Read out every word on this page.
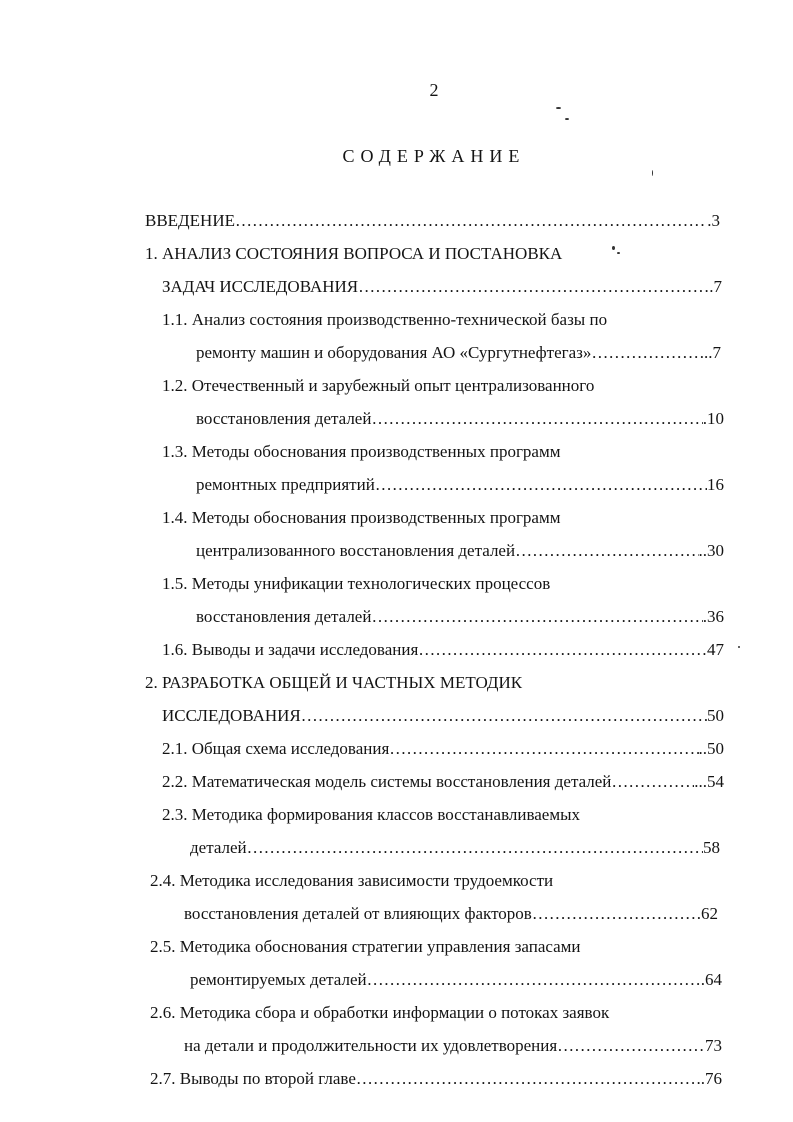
2
СОДЕРЖАНИЕ
ВВЕДЕНИЕ ……………………………………………………………………………………………………………………………………………………………………	.3
1. АНАЛИЗ СОСТОЯНИЯ ВОПРОСА И ПОСТАНОВКА
ЗАДАЧ ИССЛЕДОВАНИЯ ……………………………………………………………………………………………………………………………………………………………………	.7
1.1. Анализ состояния производственно-технической базы по
ремонту машин и оборудования АО «Сургутнефтегаз» ……………………………………………………………………………………………………………………………………………………………………	..7
1.2. Отечественный и зарубежный опыт централизованного
восстановления деталей ……………………………………………………………………………………………………………………………………………………………………	.10
1.3. Методы обоснования производственных программ
ремонтных предприятий ……………………………………………………………………………………………………………………………………………………………………	16
1.4. Методы обоснования производственных программ
централизованного восстановления деталей ……………………………………………………………………………………………………………………………………………………………………	..30
1.5. Методы унификации технологических процессов
восстановления деталей ……………………………………………………………………………………………………………………………………………………………………	.36
1.6. Выводы и задачи исследования ……………………………………………………………………………………………………………………………………………………………………	47
2. РАЗРАБОТКА ОБЩЕЙ И ЧАСТНЫХ МЕТОДИК
ИССЛЕДОВАНИЯ ……………………………………………………………………………………………………………………………………………………………………	50
2.1. Общая схема исследования ……………………………………………………………………………………………………………………………………………………………………	..50
2.2. Математическая модель системы восстановления деталей ……………………………………………………………………………………………………………………………………………………………………	...54
2.3. Методика формирования классов восстанавливаемых
деталей ……………………………………………………………………………………………………………………………………………………………………	58
2.4. Методика исследования зависимости трудоемкости
восстановления деталей от влияющих факторов ……………………………………………………………………………………………………………………………………………………………………	.62
2.5. Методика обоснования стратегии управления запасами
ремонтируемых деталей ……………………………………………………………………………………………………………………………………………………………………	.64
2.6. Методика сбора и обработки информации о потоках заявок
на детали и продолжительности их удовлетворения ……………………………………………………………………………………………………………………………………………………………………	73
2.7. Выводы по второй главе ……………………………………………………………………………………………………………………………………………………………………	..76
